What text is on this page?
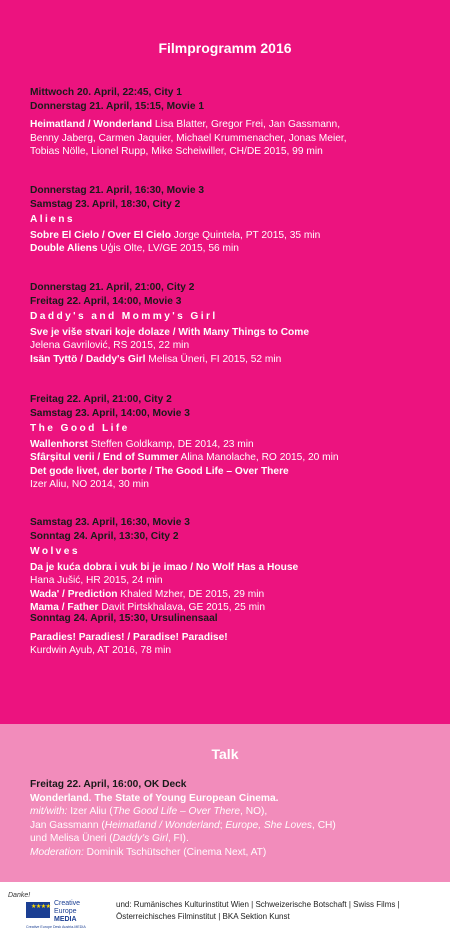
Filmprogramm 2016
Mittwoch 20. April, 22:45, City 1
Donnerstag 21. April, 15:15, Movie 1
Heimatland / Wonderland Lisa Blatter, Gregor Frei, Jan Gassmann,
Benny Jaberg, Carmen Jaquier, Michael Krummenacher, Jonas Meier,
Tobias Nölle, Lionel Rupp, Mike Scheiwiller, CH/DE 2015, 99 min
Donnerstag 21. April, 16:30, Movie 3
Samstag 23. April, 18:30, City 2
Aliens
Sobre El Cielo / Over El Cielo Jorge Quintela, PT 2015, 35 min
Double Aliens Uģis Olte, LV/GE 2015, 56 min
Donnerstag 21. April, 21:00, City 2
Freitag 22. April, 14:00, Movie 3
Daddy's and Mommy's Girl
Sve je više stvari koje dolaze / With Many Things to Come
Jelena Gavrilović, RS 2015, 22 min
Isän Tyttö / Daddy's Girl Melisa Üneri, FI 2015, 52 min
Freitag 22. April, 21:00, City 2
Samstag 23. April, 14:00, Movie 3
The Good Life
Wallenhorst Steffen Goldkamp, DE 2014, 23 min
Sfârșitul verii / End of Summer Alina Manolache, RO 2015, 20 min
Det gode livet, der borte / The Good Life – Over There
Izer Aliu, NO 2014, 30 min
Samstag 23. April, 16:30, Movie 3
Sonntag 24. April, 13:30, City 2
Wolves
Da je kuća dobra i vuk bi je imao / No Wolf Has a House
Hana Jušić, HR 2015, 24 min
Wada' / Prediction Khaled Mzher, DE 2015, 29 min
Mama / Father Davit Pirtskhalava, GE 2015, 25 min
Sonntag 24. April, 15:30, Ursulinensaal
Paradies! Paradies! / Paradise! Paradise!
Kurdwin Ayub, AT 2016, 78 min
Talk
Freitag 22. April, 16:00, OK Deck
Wonderland. The State of Young European Cinema.
mit/with: Izer Aliu (The Good Life – Over There, NO),
Jan Gassmann (Heimatland / Wonderland; Europe, She Loves, CH)
und Melisa Üneri (Daddy's Girl, FI).
Moderation: Dominik Tschütscher (Cinema Next, AT)
Danke!
★★★★ Creative
Europe
MEDIA
Creative Europe Desk Austria-MEDIA
und: Rumänisches Kulturinstitut Wien | Schweizerische Botschaft | Swiss Films | Österreichisches Filminstitut | BKA Sektion Kunst
